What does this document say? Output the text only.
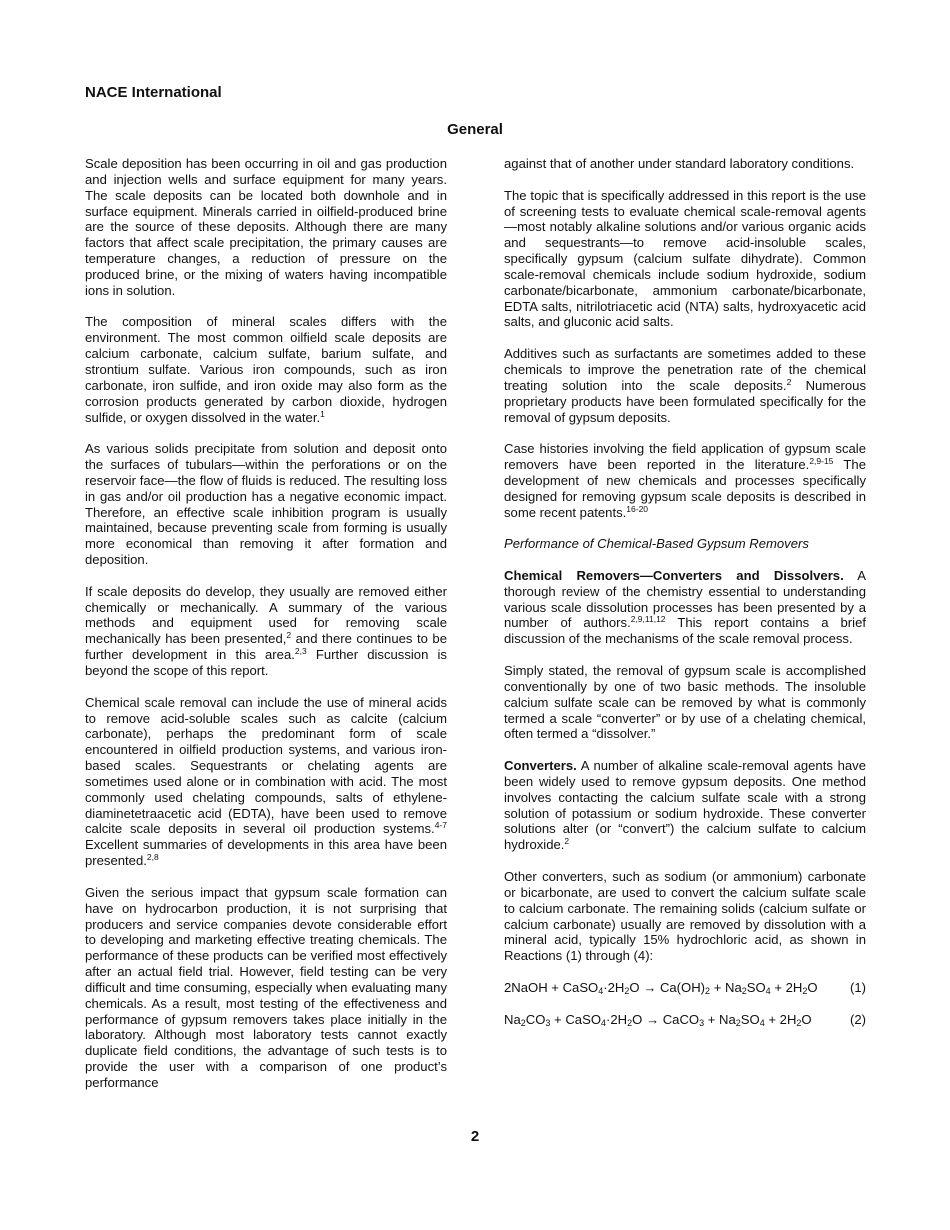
NACE International
General

Scale deposition has been occurring in oil and gas production and injection wells and surface equipment for many years. The scale deposits can be located both downhole and in surface equipment. Minerals carried in oilfield-produced brine are the source of these deposits. Although there are many factors that affect scale precipitation, the primary causes are temperature changes, a reduction of pressure on the produced brine, or the mixing of waters having incompatible ions in solution.

The composition of mineral scales differs with the environment. The most common oilfield scale deposits are calcium carbonate, calcium sulfate, barium sulfate, and strontium sulfate. Various iron compounds, such as iron carbonate, iron sulfide, and iron oxide may also form as the corrosion products generated by carbon dioxide, hydrogen sulfide, or oxygen dissolved in the water.$^1$

As various solids precipitate from solution and deposit onto the surfaces of tubulars—within the perforations or on the reservoir face—the flow of fluids is reduced. The resulting loss in gas and/or oil production has a negative economic impact. Therefore, an effective scale inhibition program is usually maintained, because preventing scale from forming is usually more economical than removing it after formation and deposition.

If scale deposits do develop, they usually are removed either chemically or mechanically. A summary of the various methods and equipment used for removing scale mechanically has been presented,$^2$ and there continues to be further development in this area.$^{2,3}$ Further discussion is beyond the scope of this report.

Chemical scale removal can include the use of mineral acids to remove acid-soluble scales such as calcite (calcium carbonate), perhaps the predominant form of scale encountered in oilfield production systems, and various iron-based scales. Sequestrants or chelating agents are sometimes used alone or in combination with acid. The most commonly used chelating compounds, salts of ethylene-diaminetetraacetic acid (EDTA), have been used to remove calcite scale deposits in several oil production systems.$^{4-7}$ Excellent summaries of developments in this area have been presented.$^{2,8}$

Given the serious impact that gypsum scale formation can have on hydrocarbon production, it is not surprising that producers and service companies devote considerable effort to developing and marketing effective treating chemicals. The performance of these products can be verified most effectively after an actual field trial. However, field testing can be very difficult and time consuming, especially when evaluating many chemicals. As a result, most testing of the effectiveness and performance of gypsum removers takes place initially in the laboratory. Although most laboratory tests cannot exactly duplicate field conditions, the advantage of such tests is to provide the user with a comparison of one product’s performance

against that of another under standard laboratory conditions.

The topic that is specifically addressed in this report is the use of screening tests to evaluate chemical scale-removal agents—most notably alkaline solutions and/or various organic acids and sequestrants—to remove acid-insoluble scales, specifically gypsum (calcium sulfate dihydrate). Common scale-removal chemicals include sodium hydroxide, sodium carbonate/bicarbonate, ammonium carbonate/bicarbonate, EDTA salts, nitrilotriacetic acid (NTA) salts, hydroxyacetic acid salts, and gluconic acid salts.

Additives such as surfactants are sometimes added to these chemicals to improve the penetration rate of the chemical treating solution into the scale deposits.$^2$ Numerous proprietary products have been formulated specifically for the removal of gypsum deposits.

Case histories involving the field application of gypsum scale removers have been reported in the literature.$^{2,9-15}$ The development of new chemicals and processes specifically designed for removing gypsum scale deposits is described in some recent patents.$^{16-20}$

Performance of Chemical-Based Gypsum Removers

Chemical Removers—Converters and Dissolvers. A thorough review of the chemistry essential to understanding various scale dissolution processes has been presented by a number of authors.$^{2,9,11,12}$ This report contains a brief discussion of the mechanisms of the scale removal process.

Simply stated, the removal of gypsum scale is accomplished conventionally by one of two basic methods. The insoluble calcium sulfate scale can be removed by what is commonly termed a scale “converter” or by use of a chelating chemical, often termed a “dissolver.”

Converters. A number of alkaline scale-removal agents have been widely used to remove gypsum deposits. One method involves contacting the calcium sulfate scale with a strong solution of potassium or sodium hydroxide. These converter solutions alter (or “convert”) the calcium sulfate to calcium hydroxide.$^2$

Other converters, such as sodium (or ammonium) carbonate or bicarbonate, are used to convert the calcium sulfate scale to calcium carbonate. The remaining solids (calcium sulfate or calcium carbonate) usually are removed by dissolution with a mineral acid, typically 15% hydrochloric acid, as shown in Reactions (1) through (4):

2NaOH + $CaSO_4\cdot 2H_2O \to Ca(OH)_2 + Na_2SO_4 + 2H_2O$ (1)
$Na_2CO_3$ + $CaSO_4\cdot 2H_2O$ → CaCO$_3$ + $Na_2SO_4 + 2H_2O$	(2)
2
